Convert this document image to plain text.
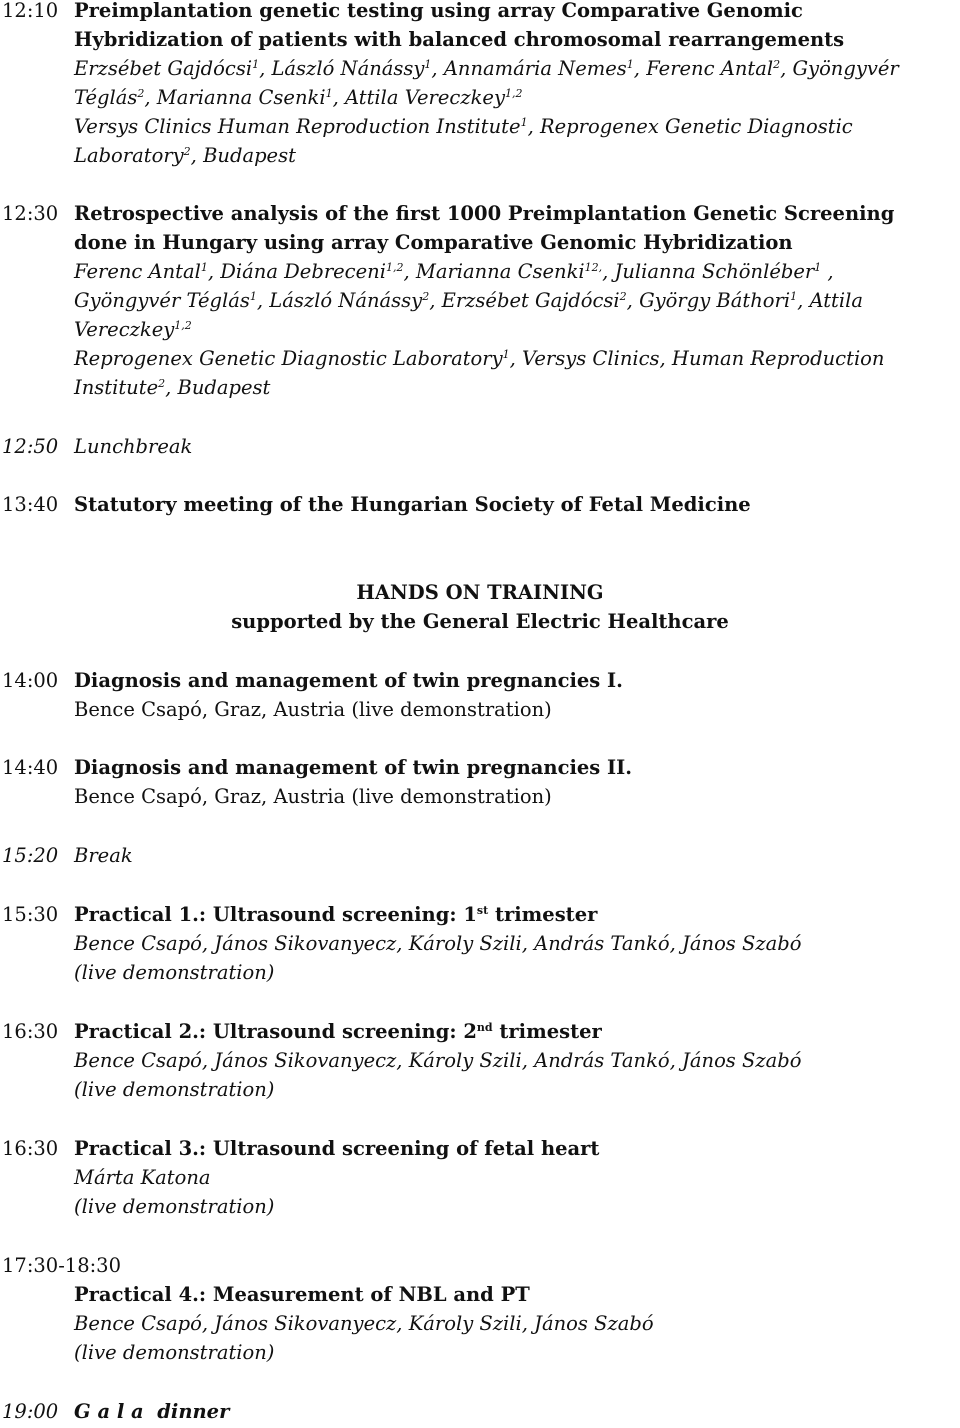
12:10 Preimplantation genetic testing using array Comparative Genomic
Hybridization of patients with balanced chromosomal rearrangements
Erzsébet Gajdócsi$^1$, László Nánássy$^1$, Annamária Nemes$^1$, Ferenc Antal$^2$, Gyöngyvér
Téglás$^2$, Marianna Csenki$^1$, Attila Vereczkey$^{1,2}$
Versys Clinics Human Reproduction Institute$^1$, Reprogenex Genetic Diagnostic
Laboratory$^2$, Budapest
12:30 Retrospective analysis of the first 1000 Preimplantation Genetic Screening
done in Hungary using array Comparative Genomic Hybridization
Ferenc Antal$^1$, Diána Debreceni$^{1,2}$, Marianna Csenki$^{12,}$, Julianna Schönléber$^1$ ,
Gyöngyvér Téglás$^1$, László Nánássy$^2$, Erzsébet Gajdócsi$^2$, György Báthori$^1$, Attila
Vereczkey$^{1,2}$
Reprogenex Genetic Diagnostic Laboratory$^1$, Versys Clinics, Human Reproduction
Institute$^2$, Budapest
12:50 Lunchbreak
13:40 Statutory meeting of the Hungarian Society of Fetal Medicine
HANDS ON TRAINING
supported by the General Electric Healthcare
14:00 Diagnosis and management of twin pregnancies I.
Bence Csapó, Graz, Austria (live demonstration)
14:40 Diagnosis and management of twin pregnancies II.
Bence Csapó, Graz, Austria (live demonstration)
15:20 Break
15:30 Practical 1.: Ultrasound screening: 1st trimester
Bence Csapó, János Sikovanyecz, Károly Szili, András Tankó, János Szabó
(live demonstration)
16:30 Practical 2.: Ultrasound screening: 2nd trimester
Bence Csapó, János Sikovanyecz, Károly Szili, András Tankó, János Szabó
(live demonstration)
16:30 Practical 3.: Ultrasound screening of fetal heart
Márta Katona
(live demonstration)
17:30-18:30
Practical 4.: Measurement of NBL and PT
Bence Csapó, János Sikovanyecz, Károly Szili, János Szabó
(live demonstration)
19:00 G a l a  dinner
